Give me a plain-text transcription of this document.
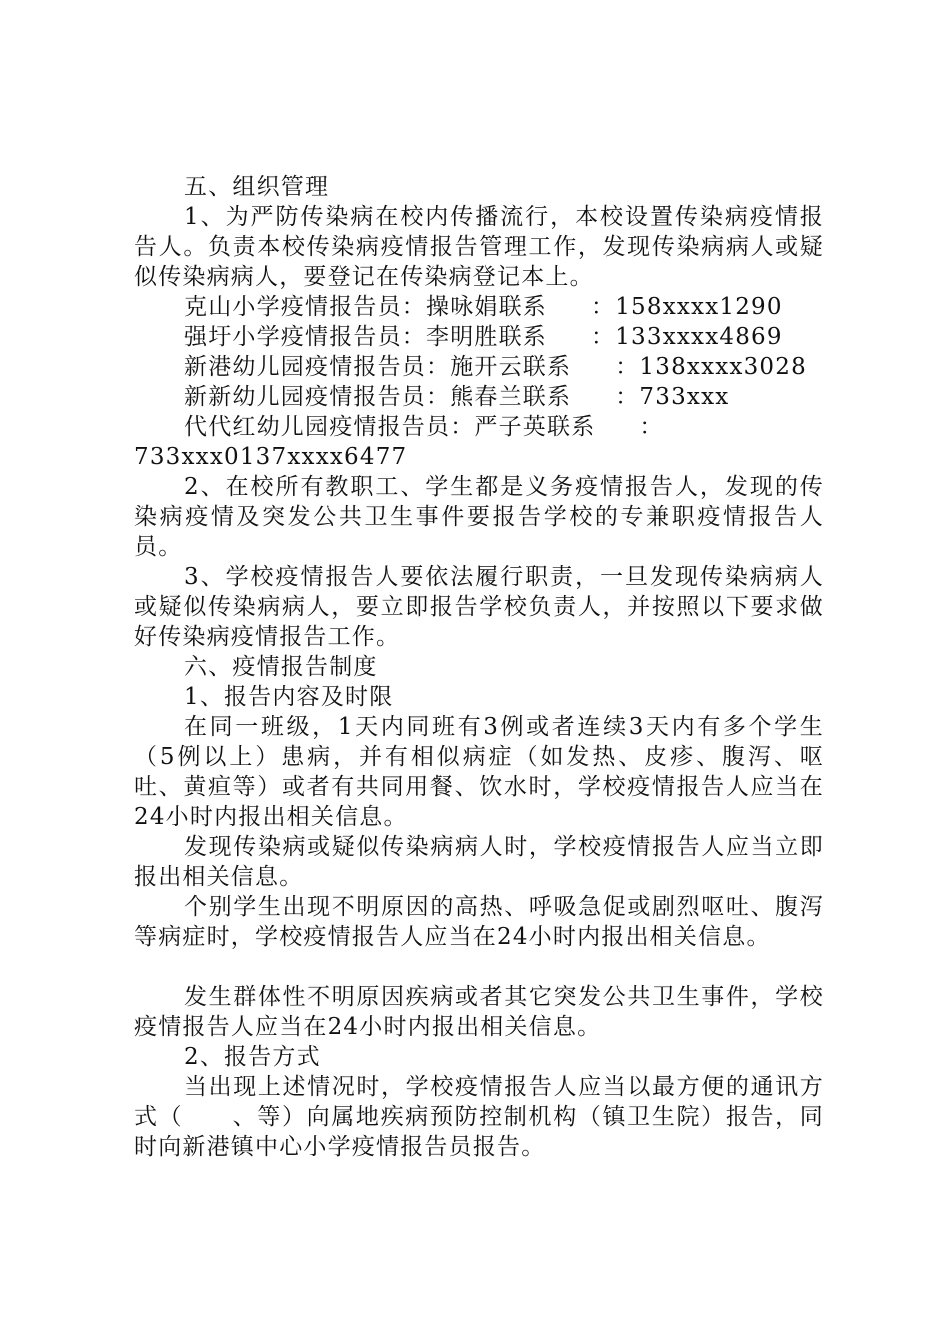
五、组织管理

1、为严防传染病在校内传播流行，本校设置传染病疫情报告人。负责本校传染病疫情报告管理工作，发现传染病病人或疑似传染病病人，要登记在传染病登记本上。

克山小学疫情报告员：操咏娟联系 ：158xxxx1290

强圩小学疫情报告员：李明胜联系 ：133xxxx4869

新港幼儿园疫情报告员：施开云联系 ：138xxxx3028

新新幼儿园疫情报告员：熊春兰联系 ：733xxx

代代红幼儿园疫情报告员：严子英联系 ：

733xxx0137xxxx6477

2、在校所有教职工、学生都是义务疫情报告人，发现的传染病疫情及突发公共卫生事件要报告学校的专兼职疫情报告人员。

3、学校疫情报告人要依法履行职责，一旦发现传染病病人或疑似传染病病人，要立即报告学校负责人，并按照以下要求做好传染病疫情报告工作。

六、疫情报告制度

1、报告内容及时限

在同一班级，1天内同班有3例或者连续3天内有多个学生（5例以上）患病，并有相似病症（如发热、皮疹、腹泻、呕吐、黄疸等）或者有共同用餐、饮水时，学校疫情报告人应当在24小时内报出相关信息。

发现传染病或疑似传染病病人时，学校疫情报告人应当立即报出相关信息。

个别学生出现不明原因的高热、呼吸急促或剧烈呕吐、腹泻等病症时，学校疫情报告人应当在24小时内报出相关信息。

发生群体性不明原因疾病或者其它突发公共卫生事件，学校疫情报告人应当在24小时内报出相关信息。

2、报告方式

当出现上述情况时，学校疫情报告人应当以最方便的通讯方式（　　、等）向属地疾病预防控制机构（镇卫生院）报告，同时向新港镇中心小学疫情报告员报告。
